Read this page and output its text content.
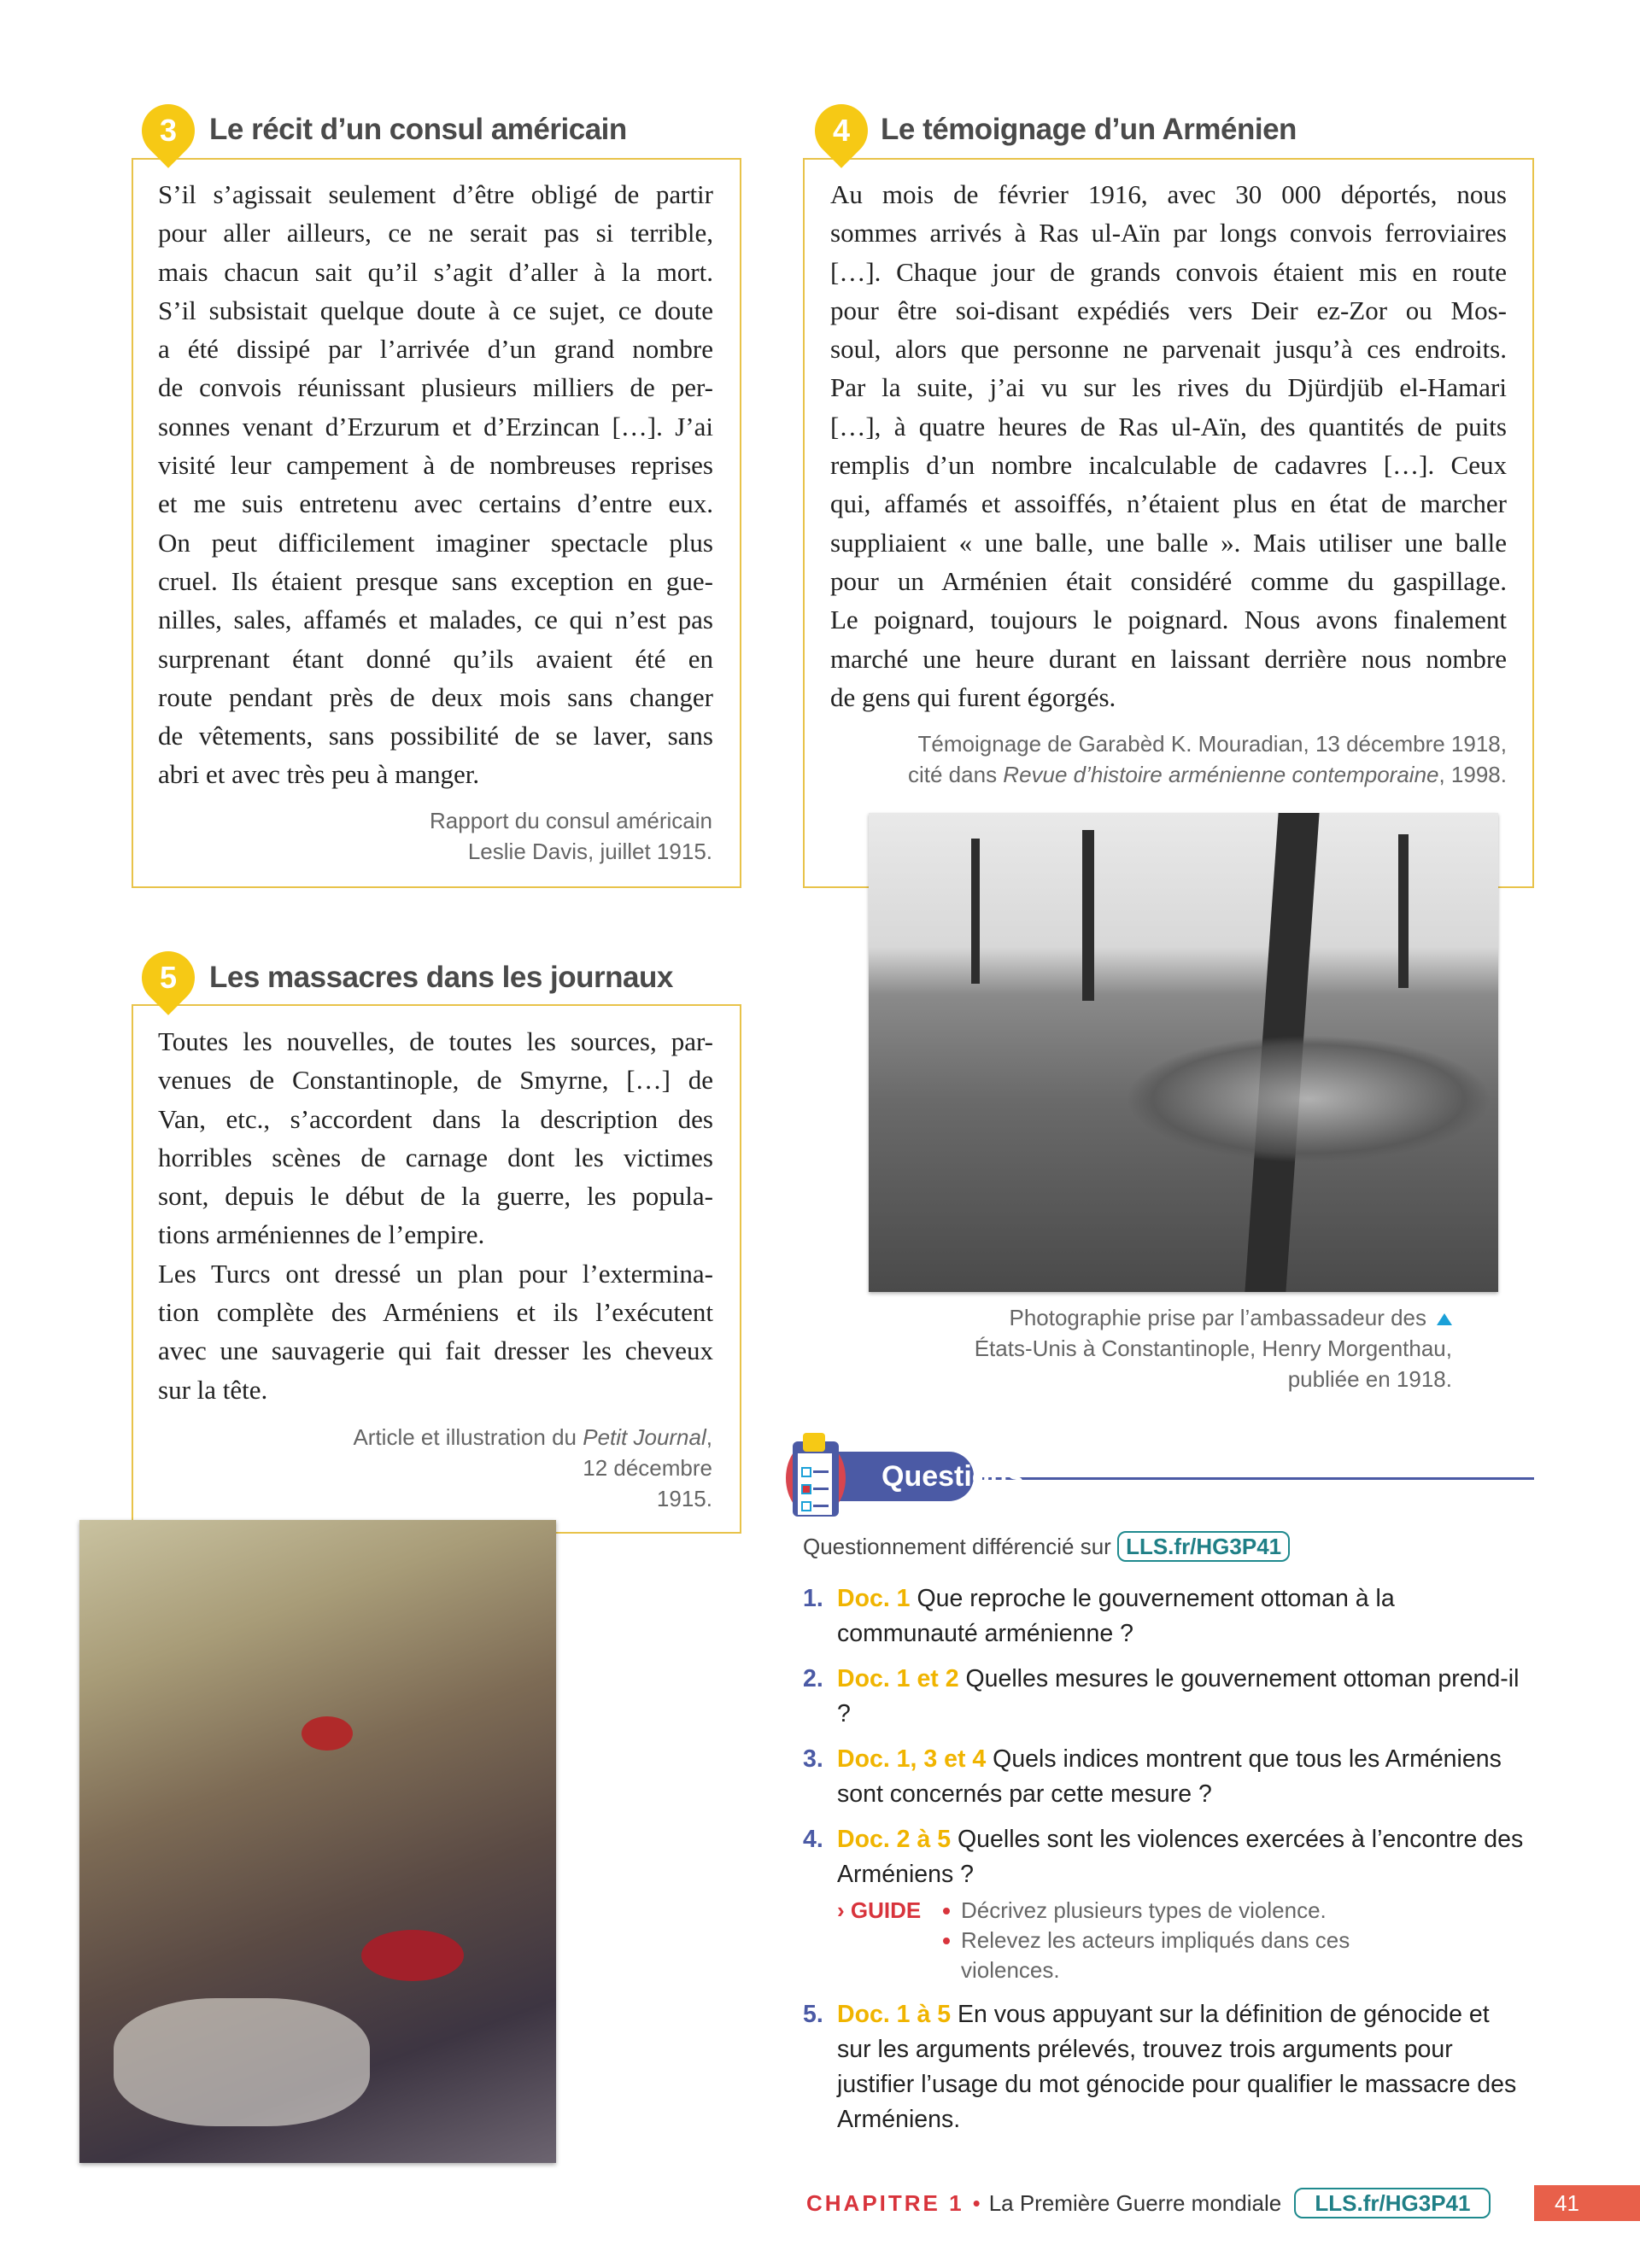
3	Le récit d’un consul américain
S’il s’agissait seulement d’être obligé de partir
pour aller ailleurs, ce ne serait pas si terrible,
mais chacun sait qu’il s’agit d’aller à la mort.
S’il subsistait quelque doute à ce sujet, ce doute
a été dissipé par l’arrivée d’un grand nombre
de convois réunissant plusieurs milliers de per-
sonnes venant d’Erzurum et d’Erzincan […]. J’ai
visité leur campement à de nombreuses reprises
et me suis entretenu avec certains d’entre eux.
On peut difficilement imaginer spectacle plus
cruel. Ils étaient presque sans exception en gue-
nilles, sales, affamés et malades, ce qui n’est pas
surprenant étant donné qu’ils avaient été en
route pendant près de deux mois sans changer
de vêtements, sans possibilité de se laver, sans
abri et avec très peu à manger.
Rapport du consul américain
Leslie Davis, juillet 1915.
4	Le témoignage d’un Arménien
Au mois de février 1916, avec 30 000 déportés, nous
sommes arrivés à Ras ul-Aïn par longs convois ferroviaires
[…]. Chaque jour de grands convois étaient mis en route
pour être soi-disant expédiés vers Deir ez-Zor ou Mos-
soul, alors que personne ne parvenait jusqu’à ces endroits.
Par la suite, j’ai vu sur les rives du Djürdjüb el-Hamari
[…], à quatre heures de Ras ul-Aïn, des quantités de puits
remplis d’un nombre incalculable de cadavres […]. Ceux
qui, affamés et assoiffés, n’étaient plus en état de marcher
suppliaient « une balle, une balle ». Mais utiliser une balle
pour un Arménien était considéré comme du gaspillage.
Le poignard, toujours le poignard. Nous avons finalement
marché une heure durant en laissant derrière nous nombre
de gens qui furent égorgés.
Témoignage de Garabèd K. Mouradian, 13 décembre 1918,
cité dans Revue d’histoire arménienne contemporaine, 1998.
Photographie prise par l’ambassadeur des
États-Unis à Constantinople, Henry Morgenthau,
publiée en 1918.
5	Les massacres dans les journaux
Toutes les nouvelles, de toutes les sources, par-
venues de Constantinople, de Smyrne, […] de
Van, etc., s’accordent dans la description des
horribles scènes de carnage dont les victimes
sont, depuis le début de la guerre, les popula-
tions arméniennes de l’empire.
Les Turcs ont dressé un plan pour l’extermina-
tion complète des Arméniens et ils l’exécutent
avec une sauvagerie qui fait dresser les cheveux
sur la tête.
Article et illustration du Petit Journal,
12 décembre
1915.
Questions
Questionnement différencié sur LLS.fr/HG3P41
1. Doc. 1 Que reproche le gouvernement ottoman à la communauté arménienne ?
2. Doc. 1 et 2 Quelles mesures le gouvernement ottoman prend-il ?
3. Doc. 1, 3 et 4 Quels indices montrent que tous les Arméniens sont concernés par cette mesure ?
4. Doc. 2 à 5 Quelles sont les violences exercées à l’encontre des Arméniens ?
› GUIDE	Décrivez plusieurs types de violence.
Relevez les acteurs impliqués dans ces violences.
5. Doc. 1 à 5 En vous appuyant sur la définition de génocide et sur les arguments prélevés, trouvez trois arguments pour justifier l’usage du mot génocide pour qualifier le massacre des Arméniens.
CHAPITRE 1 • La Première Guerre mondiale LLS.fr/HG3P41	41
